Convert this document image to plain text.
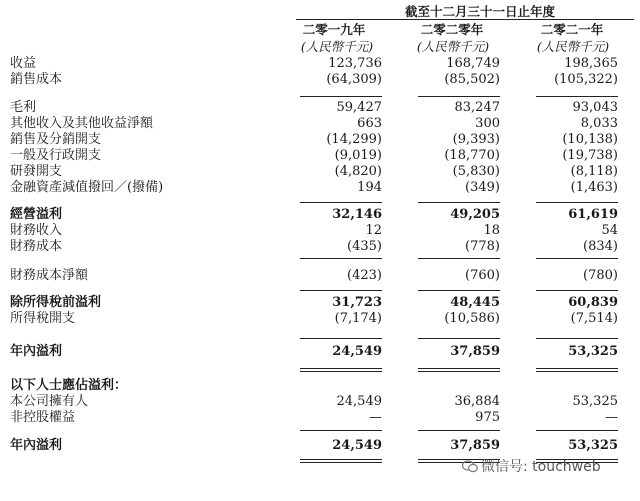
截至十二月三十一日止年度
二零一九年	二零二零年	二零二一年
(人民幣千元)	(人民幣千元)	(人民幣千元)
收益	123,736	168,749	198,365
銷售成本	(64,309)	(85,502)	(105,322)
毛利	59,427	83,247	93,043
其他收入及其他收益淨額	663	300	8,033
銷售及分銷開支	(14,299)	(9,393)	(10,138)
一般及行政開支	(9,019)	(18,770)	(19,738)
研發開支	(4,820)	(5,830)	(8,118)
金融資產減值撥回／(撥備)	194	(349)	(1,463)
經營溢利	32,146	49,205	61,619
財務收入	12	18	54
財務成本	(435)	(778)	(834)
財務成本淨額	(423)	(760)	(780)
除所得稅前溢利	31,723	48,445	60,839
所得稅開支	(7,174)	(10,586)	(7,514)
年內溢利	24,549	37,859	53,325
以下人士應佔溢利：
本公司擁有人	24,549	36,884	53,325
非控股權益	—	975	—
年內溢利	24,549	37,859	53,325
微信号: touchweb
